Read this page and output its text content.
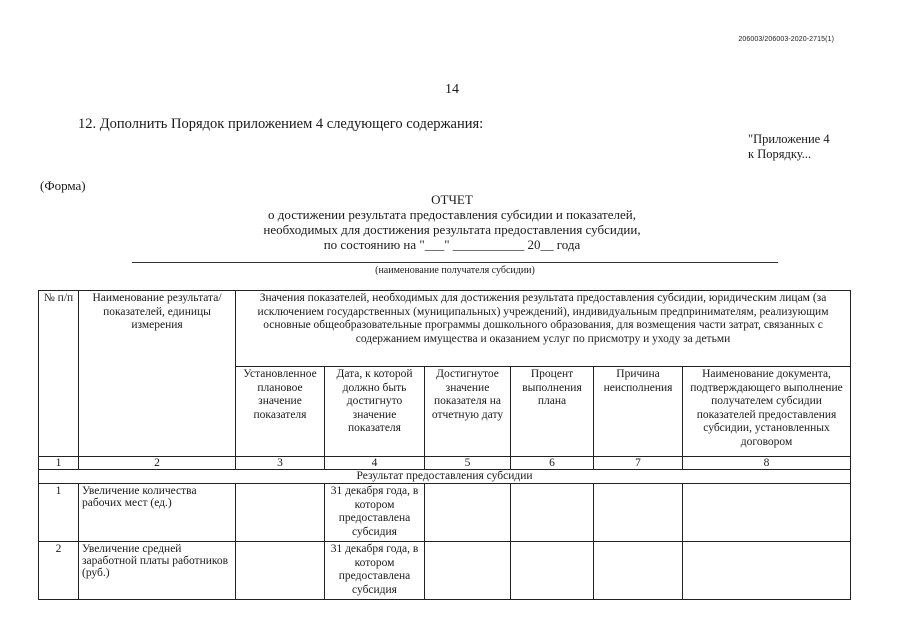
206003/206003-2020-2715(1)
14
12. Дополнить Порядок приложением 4 следующего содержания:
"Приложение 4
к Порядку...
(Форма)
ОТЧЕТ
о достижении результата предоставления субсидии и показателей,
необходимых для достижения результата предоставления субсидии,
по состоянию на "___" ___________ 20__ года
(наименование получателя субсидии)
№ п/п	Наименование результата/ показателей, единицы измерения	Значения показателей, необходимых для достижения результата предоставления субсидии, юридическим лицам (за исключением государственных (муниципальных) учреждений), индивидуальным предпринимателям, реализующим основные общеобразовательные программы дошкольного образования, для возмещения части затрат, связанных с содержанием имущества и оказанием услуг по присмотру и уходу за детьми					
		Установленное плановое значение показателя	Дата, к которой должно быть достигнуто значение показателя	Достигнутое значение показателя на отчетную дату	Процент выполнения плана	Причина неисполнения	Наименование документа, подтверждающего выполнение получателем субсидии показателей предоставления субсидии, установленных договором
1	2	3	4	5	6	7	8
Результат предоставления субсидии							
1	Увеличение количества рабочих мест (ед.)		31 декабря года, в котором предоставлена субсидия				
2	Увеличение средней заработной платы работников (руб.)		31 декабря года, в котором предоставлена субсидия				
